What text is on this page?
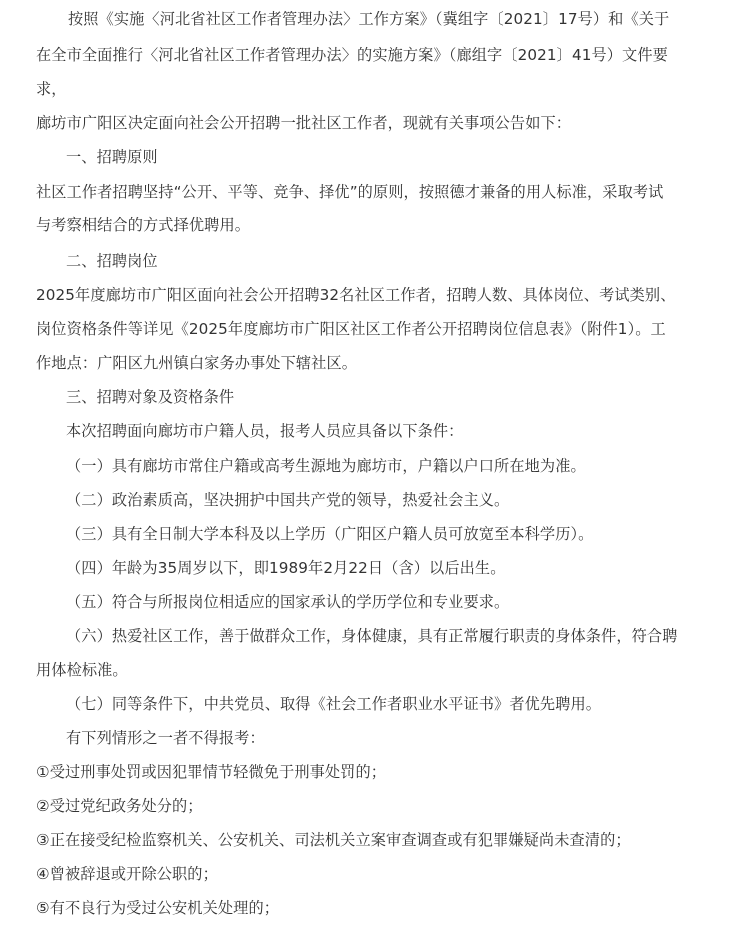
按照《实施〈河北省社区工作者管理办法〉工作方案》（冀组字〔2021〕17号）和《关于
在全市全面推行〈河北省社区工作者管理办法〉的实施方案》（廊组字〔2021〕41号）文件要
求，
廊坊市广阳区决定面向社会公开招聘一批社区工作者，现就有关事项公告如下：
一、招聘原则
社区工作者招聘坚持“公开、平等、竞争、择优”的原则，按照德才兼备的用人标准，采取考试
与考察相结合的方式择优聘用。
二、招聘岗位
2025年度廊坊市广阳区面向社会公开招聘32名社区工作者，招聘人数、具体岗位、考试类别、
岗位资格条件等详见《2025年度廊坊市广阳区社区工作者公开招聘岗位信息表》（附件1）。工
作地点：广阳区九州镇白家务办事处下辖社区。
三、招聘对象及资格条件
本次招聘面向廊坊市户籍人员，报考人员应具备以下条件：
（一）具有廊坊市常住户籍或高考生源地为廊坊市，户籍以户口所在地为准。
（二）政治素质高，坚决拥护中国共产党的领导，热爱社会主义。
（三）具有全日制大学本科及以上学历（广阳区户籍人员可放宽至本科学历）。
（四）年龄为35周岁以下，即1989年2月22日（含）以后出生。
（五）符合与所报岗位相适应的国家承认的学历学位和专业要求。
（六）热爱社区工作，善于做群众工作，身体健康，具有正常履行职责的身体条件，符合聘
用体检标准。
（七）同等条件下，中共党员、取得《社会工作者职业水平证书》者优先聘用。
有下列情形之一者不得报考：
①受过刑事处罚或因犯罪情节轻微免于刑事处罚的；
②受过党纪政务处分的；
③正在接受纪检监察机关、公安机关、司法机关立案审查调查或有犯罪嫌疑尚未查清的；
④曾被辞退或开除公职的；
⑤有不良行为受过公安机关处理的；
